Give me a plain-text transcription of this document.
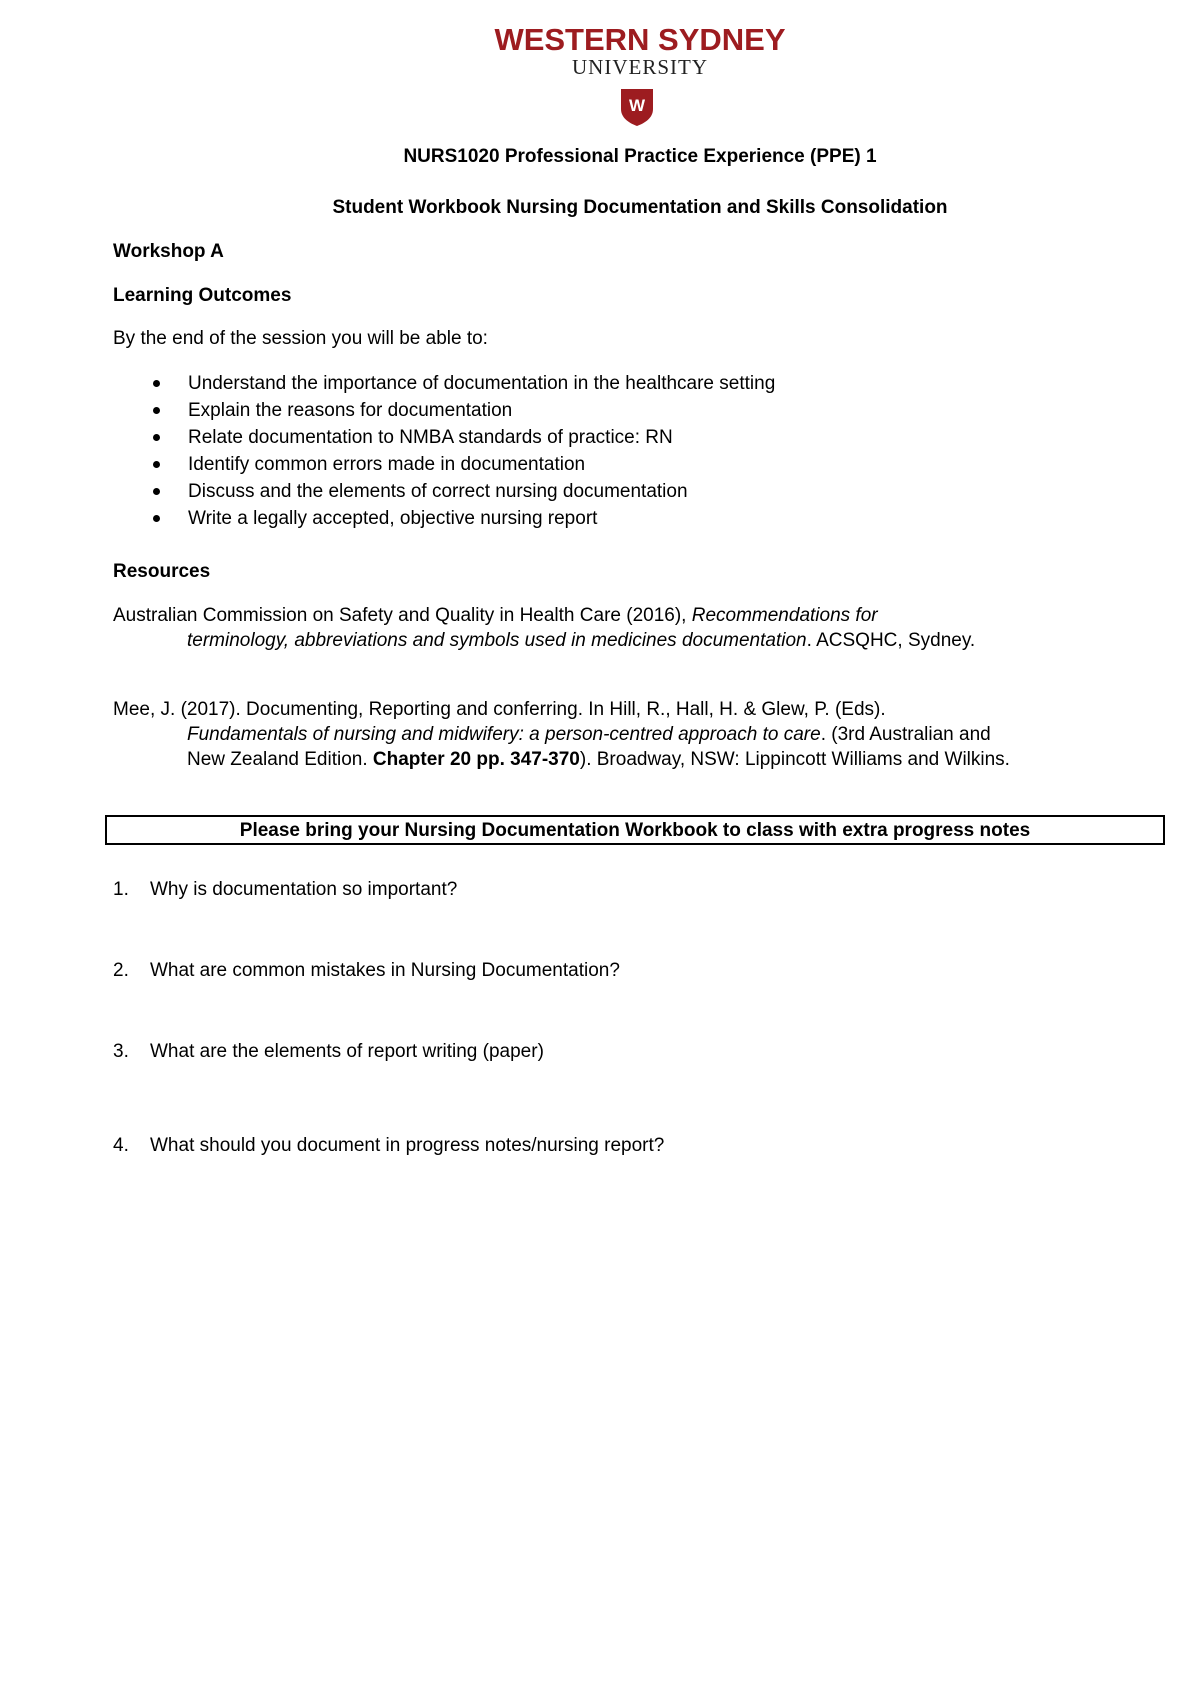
WESTERN SYDNEY
UNIVERSITY
W
NURS1020 Professional Practice Experience (PPE) 1
Student Workbook Nursing Documentation and Skills Consolidation
Workshop A
Learning Outcomes
By the end of the session you will be able to:
Understand the importance of documentation in the healthcare setting
Explain the reasons for documentation
Relate documentation to NMBA standards of practice: RN
Identify common errors made in documentation
Discuss and the elements of correct nursing documentation
Write a legally accepted, objective nursing report
Resources
Australian Commission on Safety and Quality in Health Care (2016), Recommendations for
terminology, abbreviations and symbols used in medicines documentation. ACSQHC, Sydney.
Mee, J. (2017). Documenting, Reporting and conferring. In Hill, R., Hall, H. & Glew, P. (Eds).
Fundamentals of nursing and midwifery: a person-centred approach to care. (3rd Australian and
New Zealand Edition. Chapter 20 pp. 347-370). Broadway, NSW: Lippincott Williams and Wilkins.
Please bring your Nursing Documentation Workbook to class with extra progress notes
1. Why is documentation so important?
2. What are common mistakes in Nursing Documentation?
3. What are the elements of report writing (paper)
4. What should you document in progress notes/nursing report?
